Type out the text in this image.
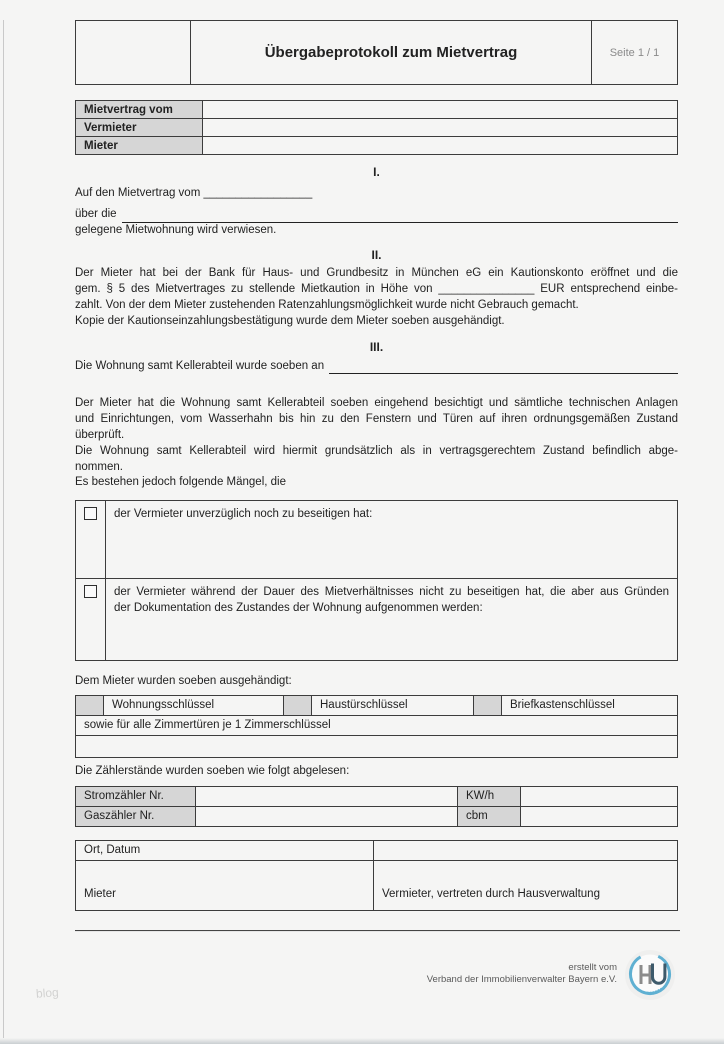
blog
	Übergabeprotokoll zum Mietvertrag	Seite 1 / 1
Mietvertrag vom	
Vermieter	
Mieter	
I.
Auf den Mietvertrag vom _________________
über die
gelegene Mietwohnung wird verwiesen.
II.
Der Mieter hat bei der Bank für Haus- und Grundbesitz in München eG ein Kautionskonto eröffnet und die
gem. § 5 des Mietvertrages zu stellende Mietkaution in Höhe von _______________ EUR entsprechend einbe-
zahlt. Von der dem Mieter zustehenden Ratenzahlungsmöglichkeit wurde nicht Gebrauch gemacht.
Kopie der Kautionseinzahlungsbestätigung wurde dem Mieter soeben ausgehändigt.
III.
Die Wohnung samt Kellerabteil wurde soeben an
Der Mieter hat die Wohnung samt Kellerabteil soeben eingehend besichtigt und sämtliche technischen Anlagen
und Einrichtungen, vom Wasserhahn bis hin zu den Fenstern und Türen auf ihren ordnungsgemäßen Zustand
überprüft.
Die Wohnung samt Kellerabteil wird hiermit grundsätzlich als in vertragsgerechtem Zustand befindlich abge-
nommen.
Es bestehen jedoch folgende Mängel, die

	der Vermieter unverzüglich noch zu beseitigen hat:

	der Vermieter während der Dauer des Mietverhältnisses nicht zu beseitigen hat, die aber aus Gründen
der Dokumentation des Zustandes der Wohnung aufgenommen werden:
Dem Mieter wurden soeben ausgehändigt:
	Wohnungsschlüssel		Haustürschlüssel		Briefkastenschlüssel
sowie für alle Zimmertüren je 1 Zimmerschlüssel

Die Zählerstände wurden soeben wie folgt abgelesen:
Stromzähler Nr.		KW/h	
Gaszähler Nr.		cbm	
Ort, Datum	
Mieter	Vermieter, vertreten durch Hausverwaltung
erstellt vom
Verband der Immobilienverwalter Bayern e.V.
